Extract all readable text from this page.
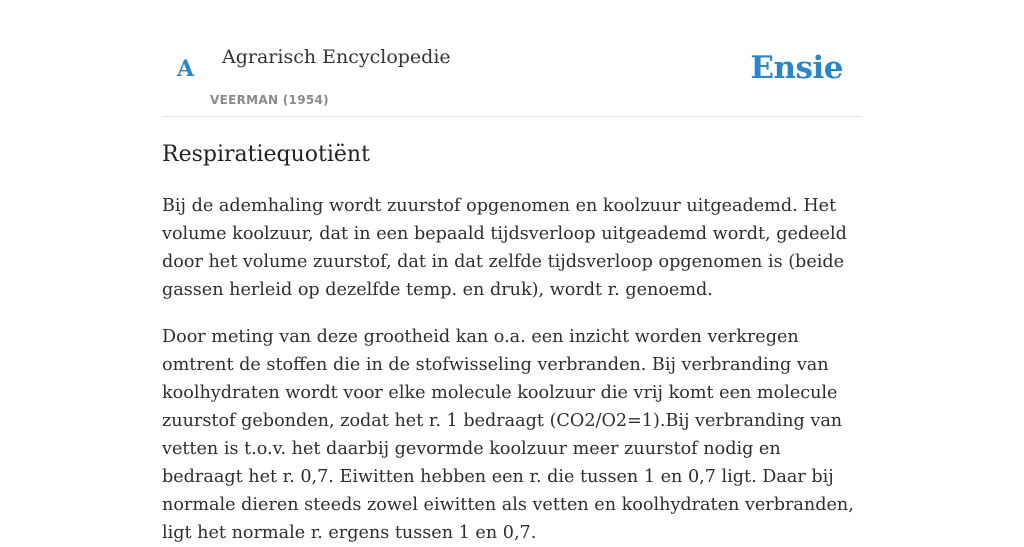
A Agrarisch Encyclopedie
VEERMAN (1954)
Ensie
Respiratiequotiënt

Bij de ademhaling wordt zuurstof opgenomen en koolzuur uitgeademd. Het volume koolzuur, dat in een bepaald tijdsverloop uitgeademd wordt, gedeeld door het volume zuurstof, dat in dat zelfde tijdsverloop opgenomen is (beide gassen herleid op dezelfde temp. en druk), wordt r. genoemd.

Door meting van deze grootheid kan o.a. een inzicht worden verkregen omtrent de stoffen die in de stofwisseling verbranden. Bij verbranding van koolhydraten wordt voor elke molecule koolzuur die vrij komt een molecule zuurstof gebonden, zodat het r. 1 bedraagt (CO2/O2=1).Bij verbranding van vetten is t.o.v. het daarbij gevormde koolzuur meer zuurstof nodig en bedraagt het r. 0,7. Eiwitten hebben een r. die tussen 1 en 0,7 ligt. Daar bij normale dieren steeds zowel eiwitten als vetten en koolhydraten verbranden, ligt het normale r. ergens tussen 1 en 0,7.
